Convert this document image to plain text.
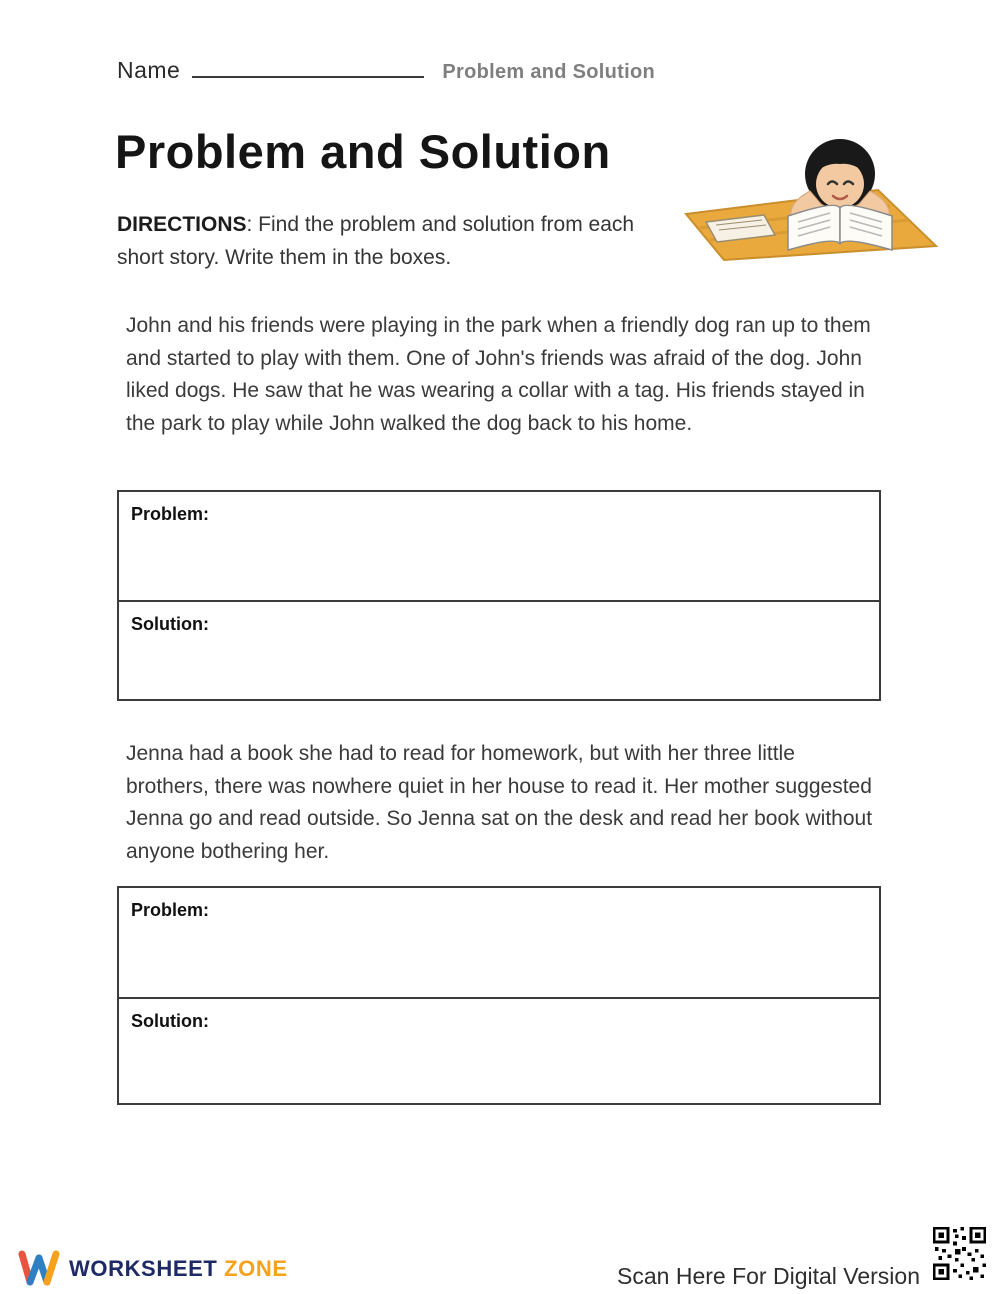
Name	Problem and Solution
Problem and Solution

DIRECTIONS: Find the problem and solution from each short story. Write them in the boxes.

John and his friends were playing in the park when a friendly dog ran up to them and started to play with them. One of John's friends was afraid of the dog. John liked dogs. He saw that he was wearing a collar with a tag. His friends stayed in the park to play while John walked the dog back to his home.

Problem:
Solution:

Jenna had a book she had to read for homework, but with her three little brothers, there was nowhere quiet in her house to read it. Her mother suggested Jenna go and read outside. So Jenna sat on the desk and read her book without anyone bothering her.

Problem:
Solution:
WORKSHEET ZONE	Scan Here For Digital Version
